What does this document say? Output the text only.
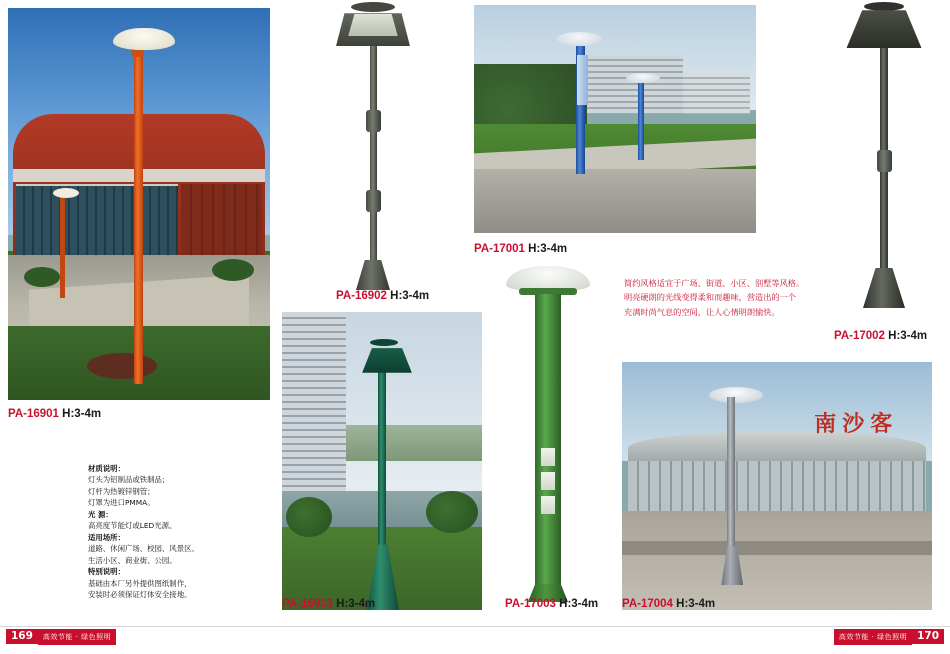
PA-16901 H:3-4m
PA-16902 H:3-4m
PA-17001 H:3-4m
PA-17002 H:3-4m
PA-16903 H:3-4m	PA-17003 H:3-4m
南沙客
PA-17004 H:3-4m

材质说明：

灯头为铝制品或铁制品；

灯杆为热镀锌钢管；

灯罩为进口PMMA。

光 源：

高亮度节能灯或LED光源。

适用场所：

道路、休闲广场、校园、风景区、

生活小区、商业街、公园。

特别说明：

基础由本厂另外提供图纸制作，

安装时必须保证灯体安全接地。

简约风格适宜于广场、街道、小区、别墅等风格。

明亮硬朗的光线变得柔和而趣味，营造出的一个

充满时尚气息的空间，让人心情明朗愉快。

169	高效节能 · 绿色照明	高效节能 · 绿色照明 170
